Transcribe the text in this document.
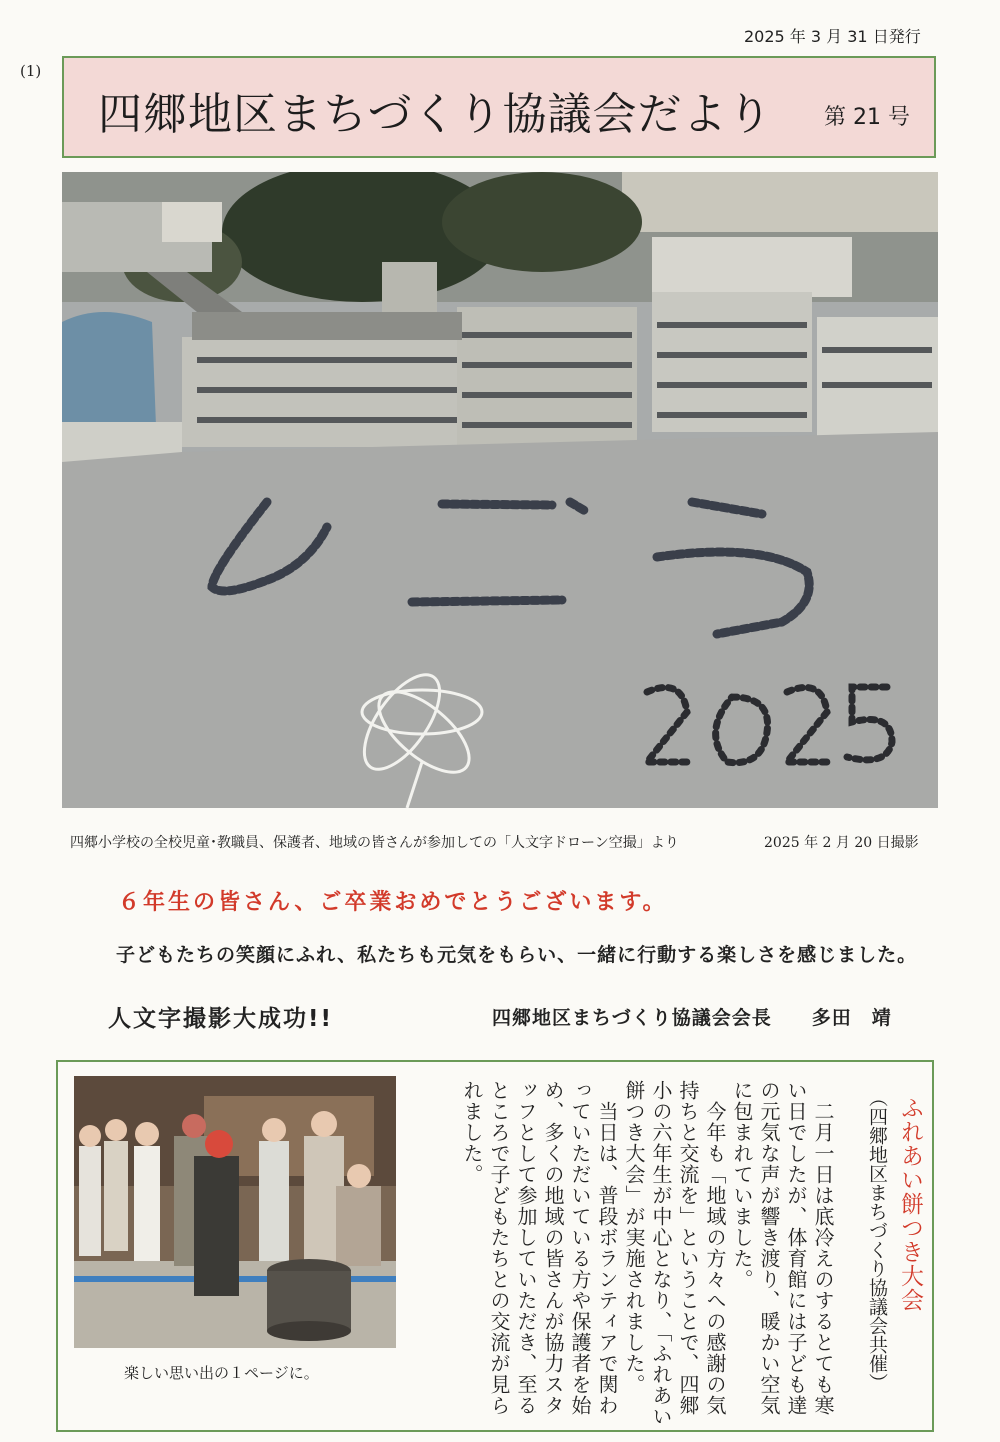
(1)
2025 年 3 月 31 日発行
四郷地区まちづくり協議会だより 第 21 号
四郷小学校の全校児童･教職員、保護者、地域の皆さんが参加しての「人文字ドローン空撮」より	2025 年 2 月 20 日撮影
６年生の皆さん、ご卒業おめでとうございます。
子どもたちの笑顔にふれ、私たちも元気をもらい、一緒に行動する楽しさを感じました。
人文字撮影大成功!!	四郷地区まちづくり協議会会長　　多田　靖
楽しい思い出の１ページに。
ふれあい餅つき大会
（四郷地区まちづくり協議会共催）

　二月一日は底冷えのするとても寒い日でしたが、体育館には子ども達の元気な声が響き渡り、暖かい空気に包まれていました。

　今年も「地域の方々への感謝の気持ちと交流を」ということで、四郷小の六年生が中心となり、「ふれあい餅つき大会」が実施されました。

　当日は、普段ボランティアで関わっていただいている方や保護者を始め、多くの地域の皆さんが協力スタッフとして参加していただき、至るところで子どもたちとの交流が見られました。
